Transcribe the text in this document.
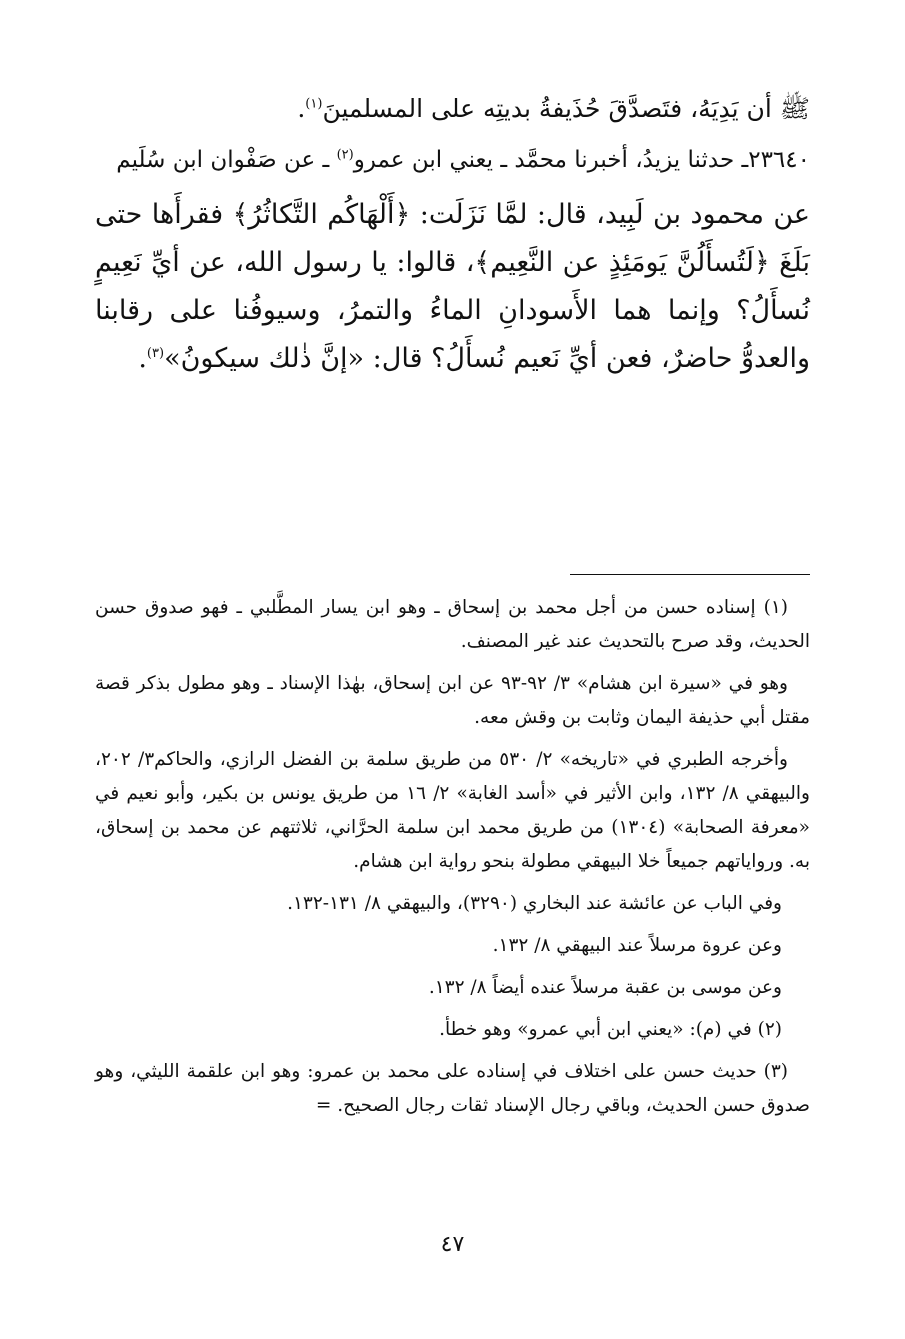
ﷺ أن يَدِيَهُ، فتَصدَّقَ حُذَيفةُ بديتِه على المسلمينَ$^{(١)}$.

٢٣٦٤٠ـ حدثنا يزيدُ، أخبرنا محمَّد ـ يعني ابن عمرو$^{(٢)}$ ـ عن صَفْوان ابن سُلَيم

عن محمود بن لَبِيد، قال: لمَّا نَزَلَت: ﴿أَلْهَاكُم التَّكاثُرُ﴾ فقرأَها حتى بَلَغَ ﴿لَتُسأَلُنَّ يَومَئِذٍ عن النَّعِيم﴾، قالوا: يا رسول الله، عن أيِّ نَعِيمٍ نُسأَلُ؟ وإنما هما الأَسودانِ الماءُ والتمرُ، وسيوفُنا على رقابنا والعدوُّ حاضرٌ، فعن أيِّ نَعيم نُسأَلُ؟ قال: «إنَّ ذٰلك سيكونُ»$^{(٣)}$.

(١) إسناده حسن من أجل محمد بن إسحاق ـ وهو ابن يسار المطَّلبي ـ فهو صدوق حسن الحديث، وقد صرح بالتحديث عند غير المصنف.

وهو في «سيرة ابن هشام» ٣/ ٩٢-٩٣ عن ابن إسحاق، بهٰذا الإسناد ـ وهو مطول بذكر قصة مقتل أبي حذيفة اليمان وثابت بن وقش معه.

وأخرجه الطبري في «تاريخه» ٢/ ٥٣٠ من طريق سلمة بن الفضل الرازي، والحاكم٣/ ٢٠٢، والبيهقي ٨/ ١٣٢، وابن الأثير في «أسد الغابة» ٢/ ١٦ من طريق يونس بن بكير، وأبو نعيم في «معرفة الصحابة» (١٣٠٤) من طريق محمد ابن سلمة الحرَّاني، ثلاثتهم عن محمد بن إسحاق، به. ورواياتهم جميعاً خلا البيهقي مطولة بنحو رواية ابن هشام.

وفي الباب عن عائشة عند البخاري (٣٢٩٠)، والبيهقي ٨/ ١٣١-١٣٢.

وعن عروة مرسلاً عند البيهقي ٨/ ١٣٢.

وعن موسى بن عقبة مرسلاً عنده أيضاً ٨/ ١٣٢.

(٢) في (م): «يعني ابن أبي عمرو» وهو خطأ.

(٣) حديث حسن على اختلاف في إسناده على محمد بن عمرو: وهو ابن علقمة الليثي، وهو صدوق حسن الحديث، وباقي رجال الإسناد ثقات رجال الصحيح. =

٤٧
